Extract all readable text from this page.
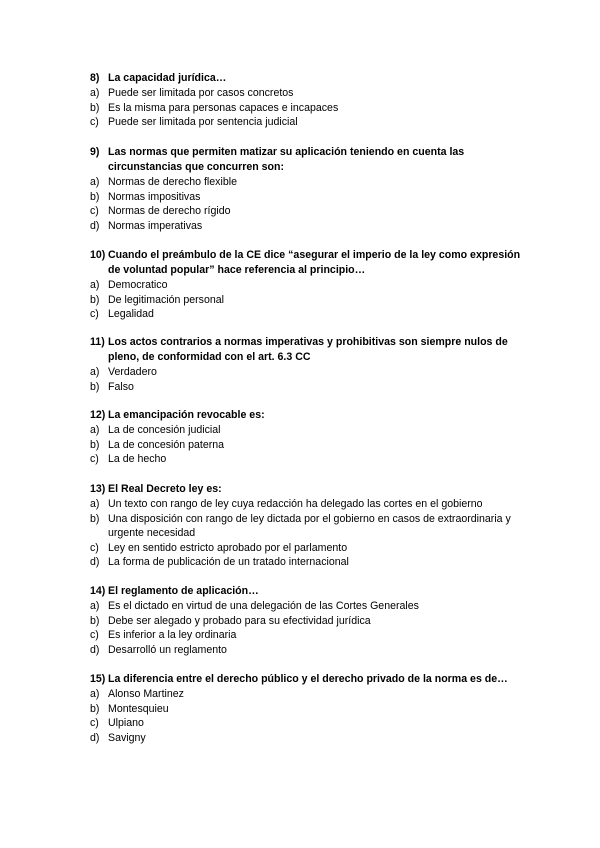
8) La capacidad jurídica…
a) Puede ser limitada por casos concretos
b) Es la misma para personas capaces e incapaces
c) Puede ser limitada por sentencia judicial
9) Las normas que permiten matizar su aplicación teniendo en cuenta las circunstancias que concurren son:
a) Normas de derecho flexible
b) Normas impositivas
c) Normas de derecho rígido
d) Normas imperativas
10) Cuando el preámbulo de la CE dice “asegurar el imperio de la ley como expresión de voluntad popular” hace referencia al principio…
a) Democratico
b) De legitimación personal
c) Legalidad
11) Los actos contrarios a normas imperativas y prohibitivas son siempre nulos de pleno, de conformidad con el art. 6.3 CC
a) Verdadero
b) Falso
12) La emancipación revocable es:
a) La de concesión judicial
b) La de concesión paterna
c) La de hecho
13) El Real Decreto ley es:
a) Un texto con rango de ley cuya redacción ha delegado las cortes en el gobierno
b) Una disposición con rango de ley dictada por el gobierno en casos de extraordinaria y urgente necesidad
c) Ley en sentido estricto aprobado por el parlamento
d) La forma de publicación de un tratado internacional
14) El reglamento de aplicación…
a) Es el dictado en virtud de una delegación de las Cortes Generales
b) Debe ser alegado y probado para su efectividad jurídica
c) Es inferior a la ley ordinaria
d) Desarrolló un reglamento
15) La diferencia entre el derecho público y el derecho privado de la norma es de…
a) Alonso Martinez
b) Montesquieu
c) Ulpiano
d) Savigny
